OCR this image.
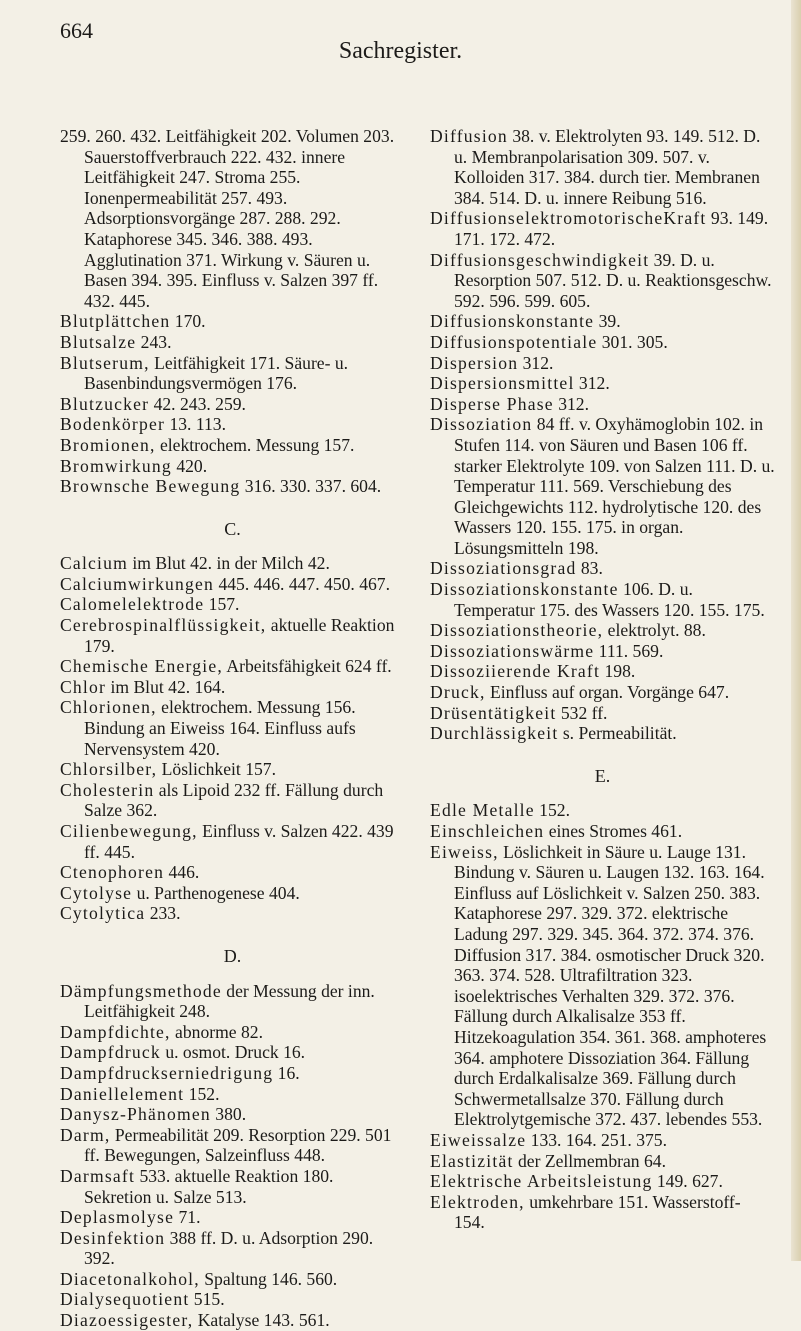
664
Sachregister.

259. 260. 432. Leitfähigkeit 202. Volumen 203. Sauerstoffverbrauch 222. 432. innere Leitfähigkeit 247. Stroma 255. Ionenpermeabilität 257. 493. Adsorptionsvorgänge 287. 288. 292. Kataphorese 345. 346. 388. 493. Agglutination 371. Wirkung v. Säuren u. Basen 394. 395. Einfluss v. Salzen 397 ff. 432. 445.

Blutplättchen 170.

Blutsalze 243.

Blutserum, Leitfähigkeit 171. Säure- u. Basenbindungsvermögen 176.

Blutzucker 42. 243. 259.

Bodenkörper 13. 113.

Bromionen, elektrochem. Messung 157.

Bromwirkung 420.

Brownsche Bewegung 316. 330. 337. 604.

C.

Calcium im Blut 42. in der Milch 42.

Calciumwirkungen 445. 446. 447. 450. 467.

Calomelelektrode 157.

Cerebrospinalflüssigkeit, aktuelle Reaktion 179.

Chemische Energie, Arbeitsfähigkeit 624 ff.

Chlor im Blut 42. 164.

Chlorionen, elektrochem. Messung 156. Bindung an Eiweiss 164. Einfluss aufs Nervensystem 420.

Chlorsilber, Löslichkeit 157.

Cholesterin als Lipoid 232 ff. Fällung durch Salze 362.

Cilienbewegung, Einfluss v. Salzen 422. 439 ff. 445.

Ctenophoren 446.

Cytolyse u. Parthenogenese 404.

Cytolytica 233.

D.

Dämpfungsmethode der Messung der inn. Leitfähigkeit 248.

Dampfdichte, abnorme 82.

Dampfdruck u. osmot. Druck 16.

Dampfdruckserniedrigung 16.

Daniellelement 152.

Danysz-Phänomen 380.

Darm, Permeabilität 209. Resorption 229. 501 ff. Bewegungen, Salzeinfluss 448.

Darmsaft 533. aktuelle Reaktion 180. Sekretion u. Salze 513.

Deplasmolyse 71.

Desinfektion 388 ff. D. u. Adsorption 290. 392.

Diacetonalkohol, Spaltung 146. 560.

Dialysequotient 515.

Diazoessigester, Katalyse 143. 561.

Diffusion 38. v. Elektrolyten 93. 149. 512. D. u. Membranpolarisation 309. 507. v. Kolloiden 317. 384. durch tier. Membranen 384. 514. D. u. innere Reibung 516.

DiffusionselektromotorischeKraft 93. 149. 171. 172. 472.

Diffusionsgeschwindigkeit 39. D. u. Resorption 507. 512. D. u. Reaktionsgeschw. 592. 596. 599. 605.

Diffusionskonstante 39.

Diffusionspotentiale 301. 305.

Dispersion 312.

Dispersionsmittel 312.

Disperse Phase 312.

Dissoziation 84 ff. v. Oxyhämoglobin 102. in Stufen 114. von Säuren und Basen 106 ff. starker Elektrolyte 109. von Salzen 111. D. u. Temperatur 111. 569. Verschiebung des Gleichgewichts 112. hydrolytische 120. des Wassers 120. 155. 175. in organ. Lösungsmitteln 198.

Dissoziationsgrad 83.

Dissoziationskonstante 106. D. u. Temperatur 175. des Wassers 120. 155. 175.

Dissoziationstheorie, elektrolyt. 88.

Dissoziationswärme 111. 569.

Dissoziierende Kraft 198.

Druck, Einfluss auf organ. Vorgänge 647.

Drüsentätigkeit 532 ff.

Durchlässigkeit s. Permeabilität.

E.

Edle Metalle 152.

Einschleichen eines Stromes 461.

Eiweiss, Löslichkeit in Säure u. Lauge 131. Bindung v. Säuren u. Laugen 132. 163. 164. Einfluss auf Löslichkeit v. Salzen 250. 383. Kataphorese 297. 329. 372. elektrische Ladung 297. 329. 345. 364. 372. 374. 376. Diffusion 317. 384. osmotischer Druck 320. 363. 374. 528. Ultrafiltration 323. isoelektrisches Verhalten 329. 372. 376. Fällung durch Alkalisalze 353 ff. Hitzekoagulation 354. 361. 368. amphoteres 364. amphotere Dissoziation 364. Fällung durch Erdalkalisalze 369. Fällung durch Schwermetallsalze 370. Fällung durch Elektrolytgemische 372. 437. lebendes 553.

Eiweissalze 133. 164. 251. 375.

Elastizität der Zellmembran 64.

Elektrische Arbeitsleistung 149. 627.

Elektroden, umkehrbare 151. Wasserstoff- 154.
